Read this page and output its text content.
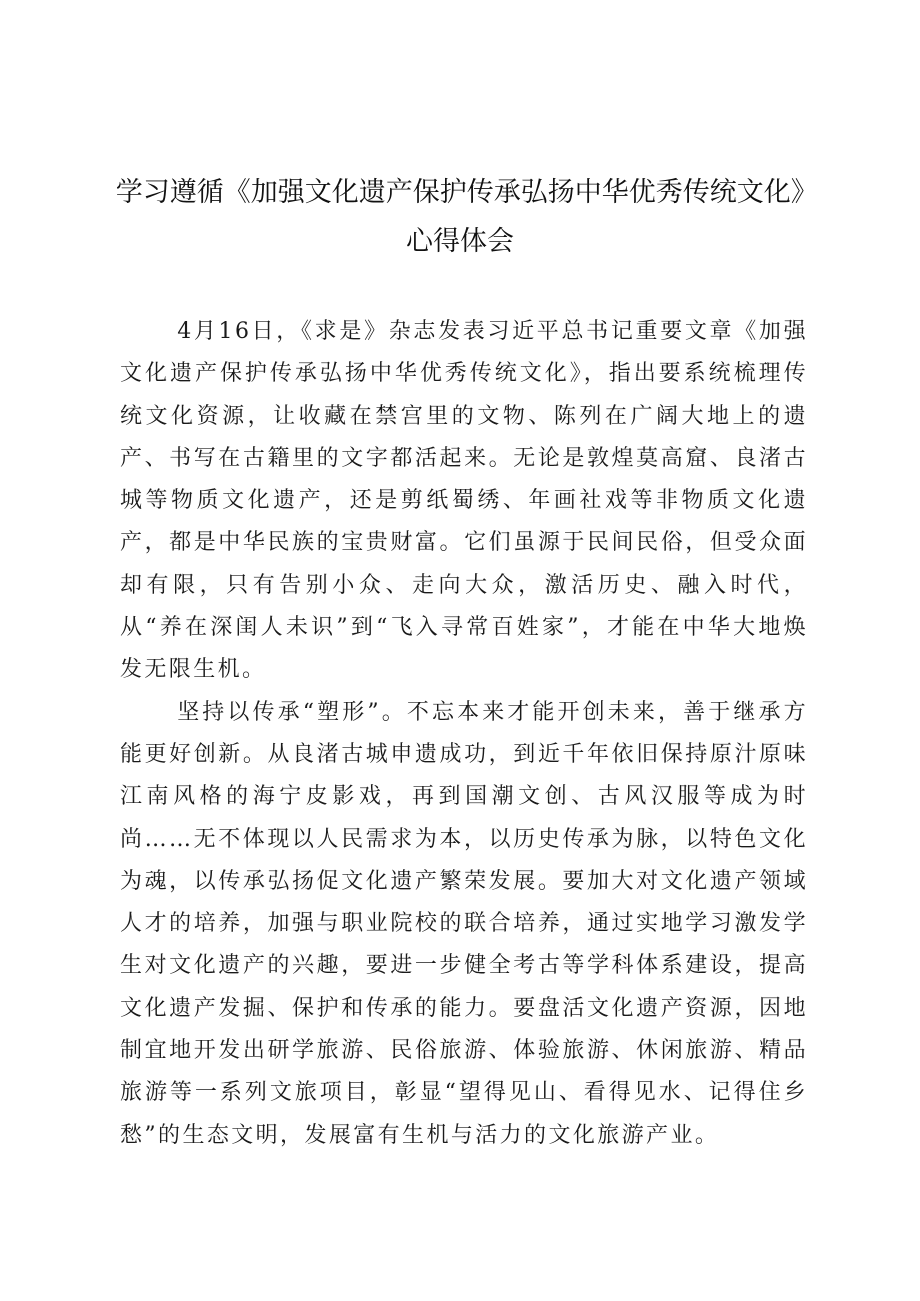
学习遵循《加强文化遗产保护传承弘扬中华优秀传统文化》心得体会

4月16日，《求是》杂志发表习近平总书记重要文章《加强文化遗产保护传承弘扬中华优秀传统文化》，指出要系统梳理传统文化资源，让收藏在禁宫里的文物、陈列在广阔大地上的遗产、书写在古籍里的文字都活起来。无论是敦煌莫高窟、良渚古城等物质文化遗产，还是剪纸蜀绣、年画社戏等非物质文化遗产，都是中华民族的宝贵财富。它们虽源于民间民俗，但受众面却有限，只有告别小众、走向大众，激活历史、融入时代，从“养在深闺人未识”到“飞入寻常百姓家”，才能在中华大地焕发无限生机。

坚持以传承“塑形”。不忘本来才能开创未来，善于继承方能更好创新。从良渚古城申遗成功，到近千年依旧保持原汁原味江南风格的海宁皮影戏，再到国潮文创、古风汉服等成为时尚……无不体现以人民需求为本，以历史传承为脉，以特色文化为魂，以传承弘扬促文化遗产繁荣发展。要加大对文化遗产领域人才的培养，加强与职业院校的联合培养，通过实地学习激发学生对文化遗产的兴趣，要进一步健全考古等学科体系建设，提高文化遗产发掘、保护和传承的能力。要盘活文化遗产资源，因地制宜地开发出研学旅游、民俗旅游、体验旅游、休闲旅游、精品旅游等一系列文旅项目，彰显“望得见山、看得见水、记得住乡愁”的生态文明，发展富有生机与活力的文化旅游产业。
